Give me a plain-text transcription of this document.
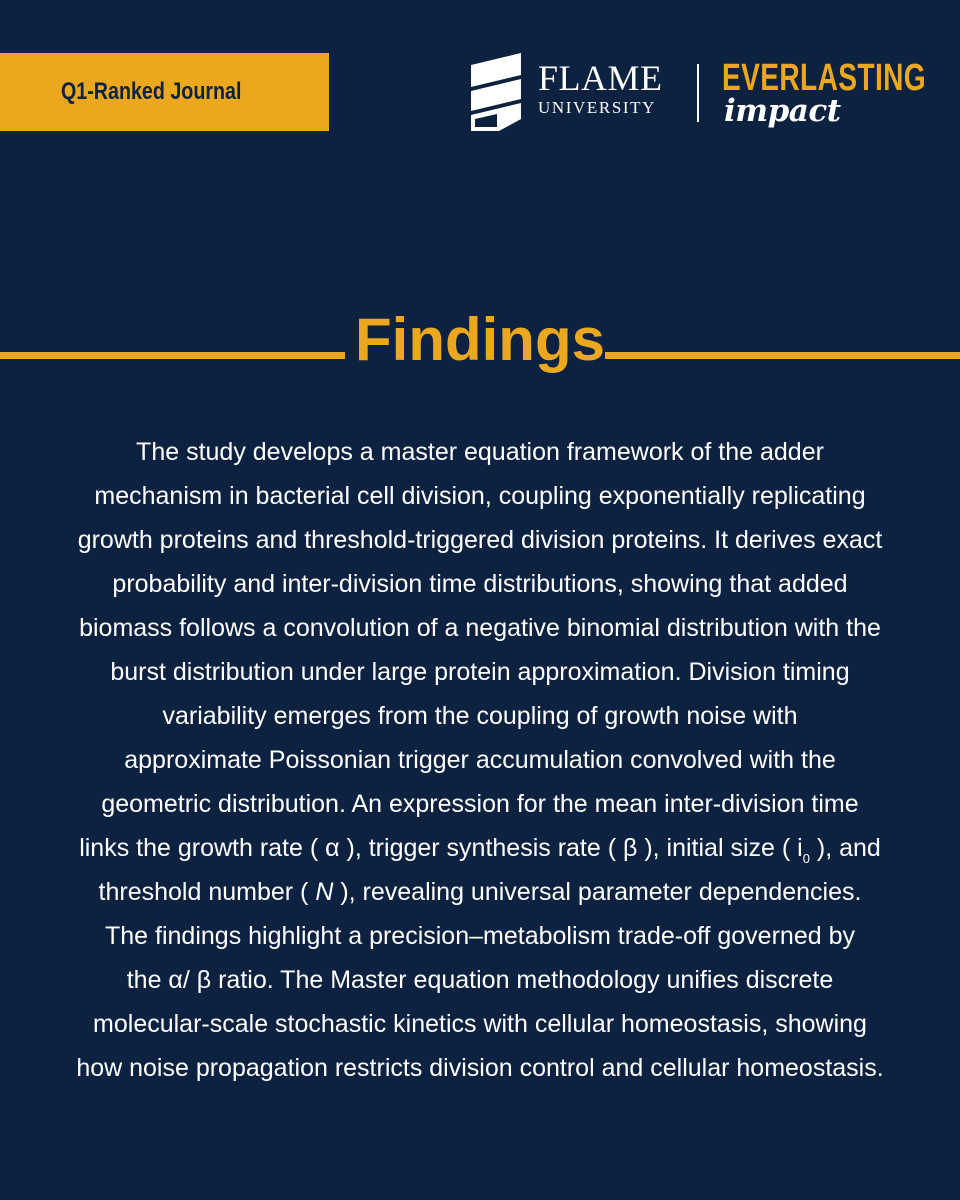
Q1-Ranked Journal	FLAME
UNIVERSITY
EVERLASTING
impact
Findings
The study develops a master equation framework of the adder
mechanism in bacterial cell division, coupling exponentially replicating
growth proteins and threshold-triggered division proteins. It derives exact
probability and inter-division time distributions, showing that added
biomass follows a convolution of a negative binomial distribution with the
burst distribution under large protein approximation. Division timing
variability emerges from the coupling of growth noise with
approximate Poissonian trigger accumulation convolved with the
geometric distribution. An expression for the mean inter-division time
links the growth rate ( α ), trigger synthesis rate ( β ), initial size ( $i_0$ ), and
threshold number ( N ), revealing universal parameter dependencies.
The findings highlight a precision–metabolism trade-off governed by
the α/ β ratio. The Master equation methodology unifies discrete
molecular-scale stochastic kinetics with cellular homeostasis, showing
how noise propagation restricts division control and cellular homeostasis.
